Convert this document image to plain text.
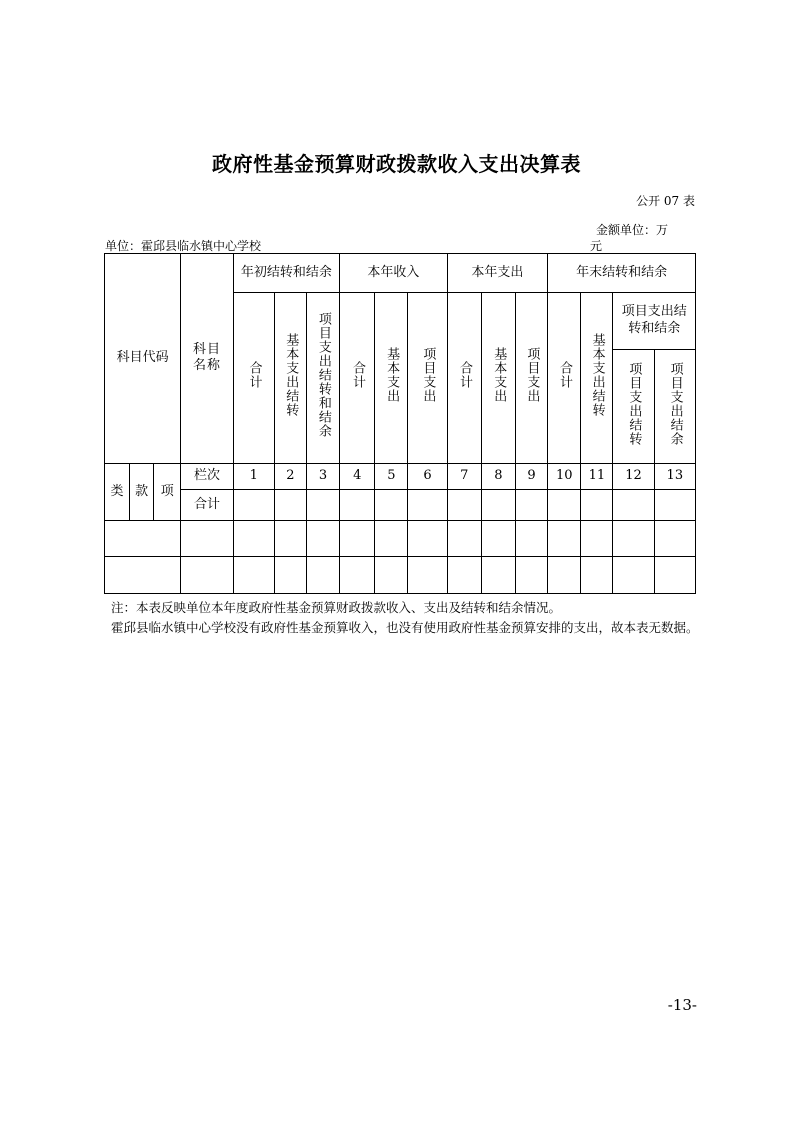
政府性基金预算财政拨款收入支出决算表
公开 07 表
金额单位：万
元
单位：霍邱县临水镇中心学校
科目代码			科目名称	年初结转和结余			本年收入			本年支出			年末结转和结余			
				合计	基本支出结转	项目支出结转和结余	合计	基本支出	项目支出	合计	基本支出	项目支出	合计	基本支出结转	项目支出结转和结余	
															项目支出结转	项目支出结余

类	款	项	栏次	1	2	3	4	5	6	7	8	9	10	11	12	13
			合计													

注：本表反映单位本年度政府性基金预算财政拨款收入、支出及结转和结余情况。
霍邱县临水镇中心学校没有政府性基金预算收入，也没有使用政府性基金预算安排的支出，故本表无数据。
-13-
